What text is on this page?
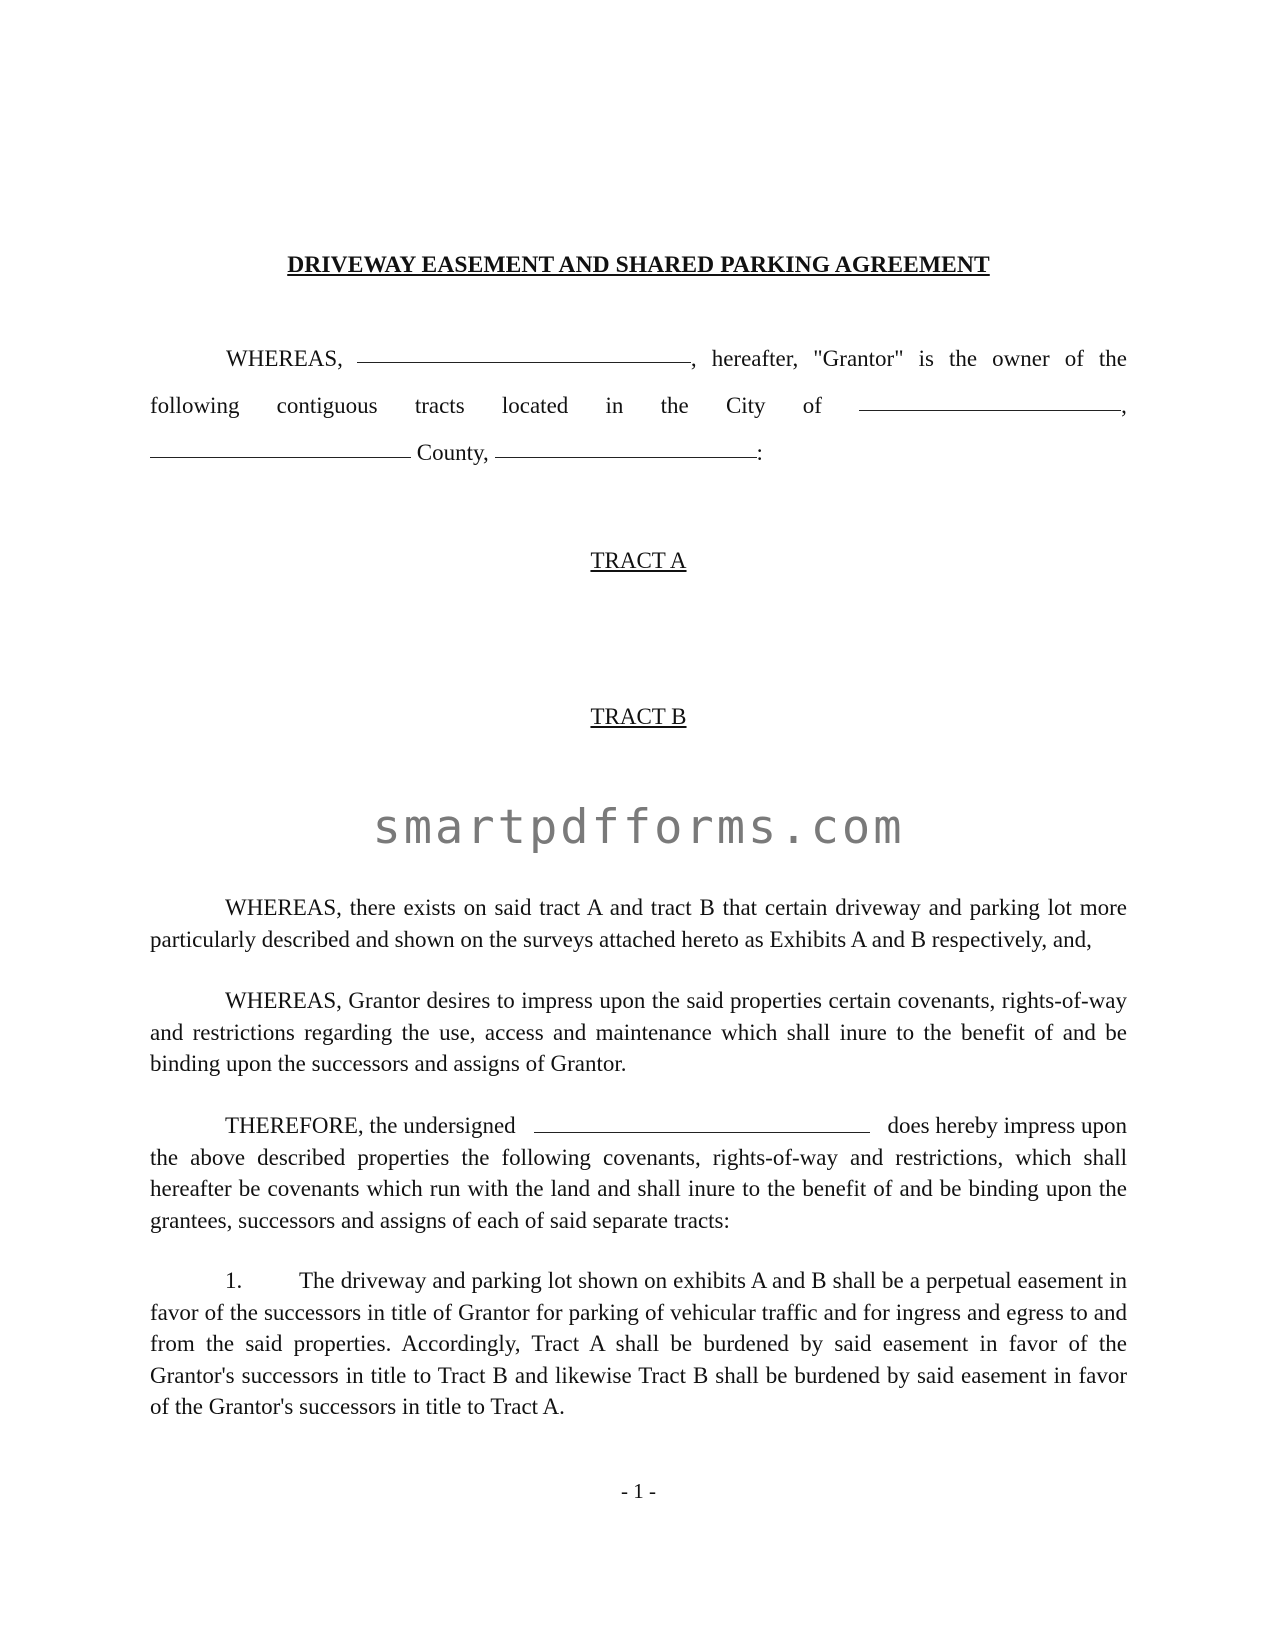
DRIVEWAY EASEMENT AND SHARED PARKING AGREEMENT
WHEREAS,	, hereafter, "Grantor" is the owner of the
following contiguous tracts located in the City of	,
County,	:
TRACT A
TRACT B
smartpdfforms.com
WHEREAS, there exists on said tract A and tract B that certain driveway and parking lot more particularly described and shown on the surveys attached hereto as Exhibits A and B respectively, and,
WHEREAS, Grantor desires to impress upon the said properties certain covenants, rights-of-way and restrictions regarding the use, access and maintenance which shall inure to the benefit of and be binding upon the successors and assigns of Grantor.
THEREFORE, the undersigned	does hereby impress upon
the above described properties the following covenants, rights-of-way and restrictions, which shall hereafter be covenants which run with the land and shall inure to the benefit of and be binding upon the grantees, successors and assigns of each of said separate tracts:
1. The driveway and parking lot shown on exhibits A and B shall be a perpetual easement in favor of the successors in title of Grantor for parking of vehicular traffic and for ingress and egress to and from the said properties. Accordingly, Tract A shall be burdened by said easement in favor of the Grantor's successors in title to Tract B and likewise Tract B shall be burdened by said easement in favor of the Grantor's successors in title to Tract A.
- 1 -
